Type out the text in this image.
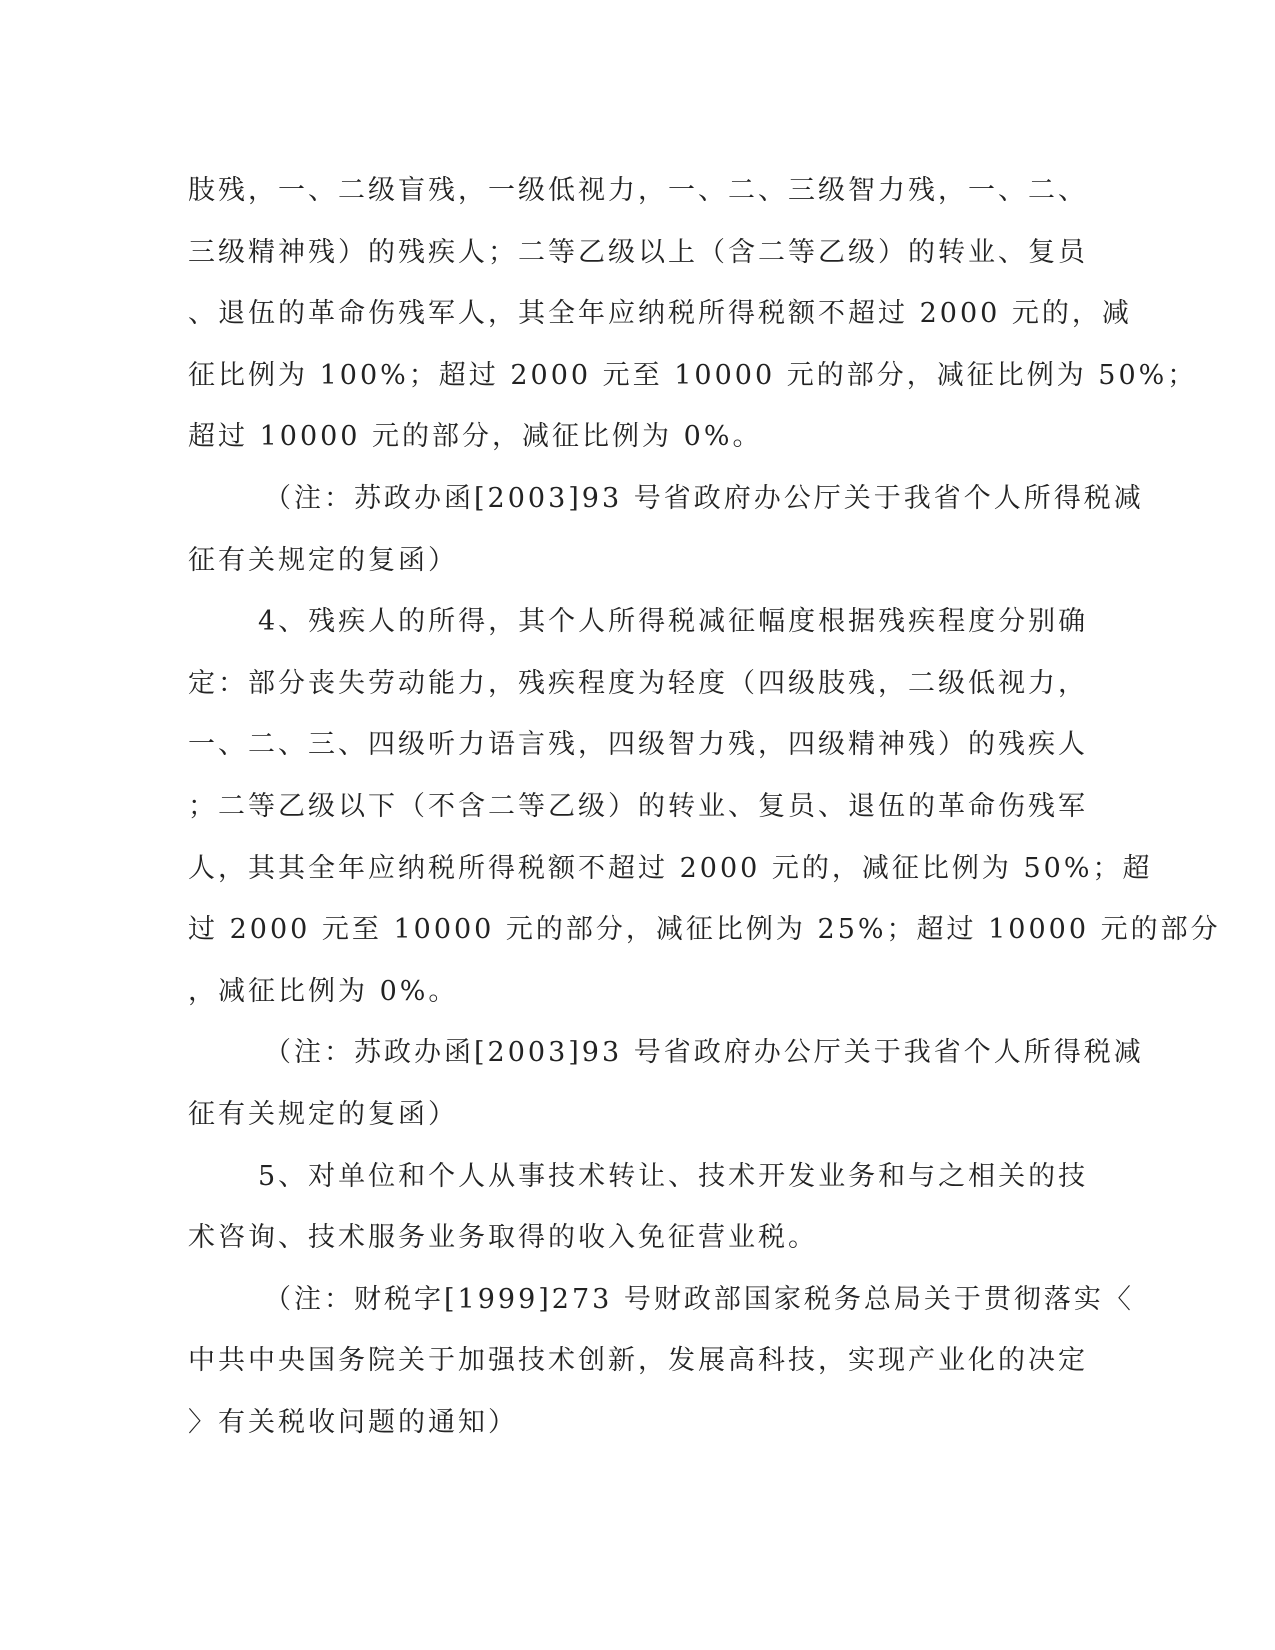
肢残，一、二级盲残，一级低视力，一、二、三级智力残，一、二、
三级精神残）的残疾人；二等乙级以上（含二等乙级）的转业、复员
、退伍的革命伤残军人，其全年应纳税所得税额不超过 2000 元的，减
征比例为 100%；超过 2000 元至 10000 元的部分，减征比例为 50%；
超过 10000 元的部分，减征比例为 0%。
（注：苏政办函[2003]93 号省政府办公厅关于我省个人所得税减
征有关规定的复函）
4、残疾人的所得，其个人所得税减征幅度根据残疾程度分别确
定：部分丧失劳动能力，残疾程度为轻度（四级肢残，二级低视力，
一、二、三、四级听力语言残，四级智力残，四级精神残）的残疾人
；二等乙级以下（不含二等乙级）的转业、复员、退伍的革命伤残军
人，其其全年应纳税所得税额不超过 2000 元的，减征比例为 50%；超
过 2000 元至 10000 元的部分，减征比例为 25%；超过 10000 元的部分
，减征比例为 0%。
（注：苏政办函[2003]93 号省政府办公厅关于我省个人所得税减
征有关规定的复函）
5、对单位和个人从事技术转让、技术开发业务和与之相关的技
术咨询、技术服务业务取得的收入免征营业税。
（注：财税字[1999]273 号财政部国家税务总局关于贯彻落实〈
中共中央国务院关于加强技术创新，发展高科技，实现产业化的决定
〉有关税收问题的通知）
